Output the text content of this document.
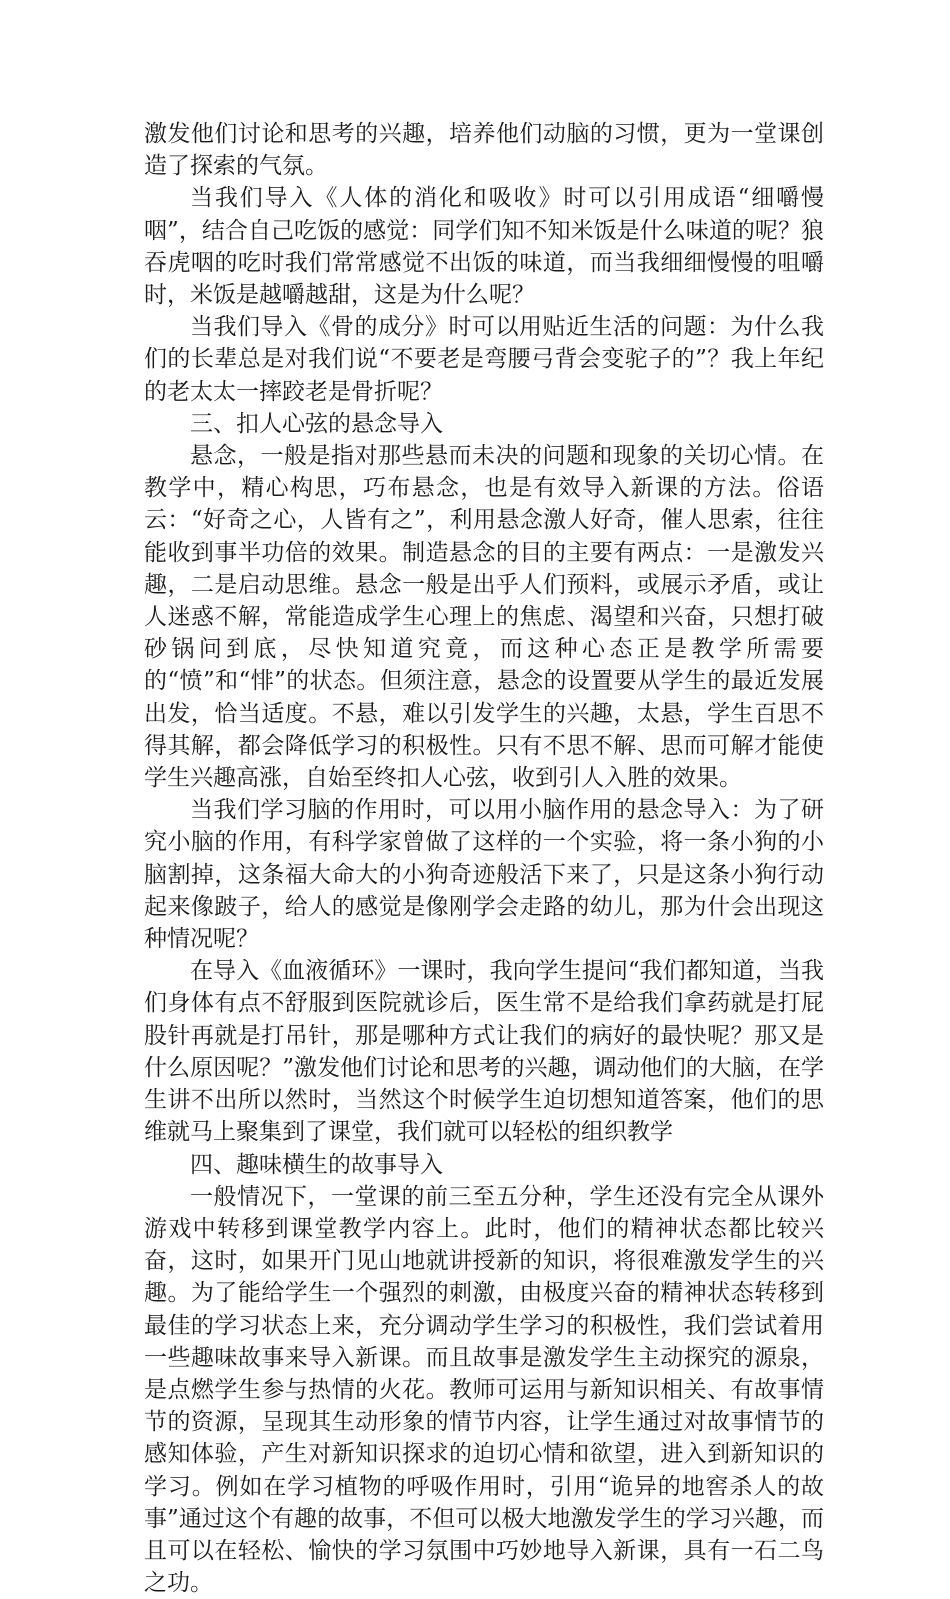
激发他们讨论和思考的兴趣，培养他们动脑的习惯，更为一堂课创造了探索的气氛。

当我们导入《人体的消化和吸收》时可以引用成语“细嚼慢咽”，结合自己吃饭的感觉：同学们知不知米饭是什么味道的呢？狼吞虎咽的吃时我们常常感觉不出饭的味道，而当我细细慢慢的咀嚼时，米饭是越嚼越甜，这是为什么呢？

当我们导入《骨的成分》时可以用贴近生活的问题：为什么我们的长辈总是对我们说“不要老是弯腰弓背会变驼子的”？我上年纪的老太太一摔跤老是骨折呢？

三、扣人心弦的悬念导入

悬念，一般是指对那些悬而未决的问题和现象的关切心情。在教学中，精心构思，巧布悬念，也是有效导入新课的方法。俗语云：“好奇之心，人皆有之”，利用悬念激人好奇，催人思索，往往能收到事半功倍的效果。制造悬念的目的主要有两点：一是激发兴趣，二是启动思维。悬念一般是出乎人们预料，或展示矛盾，或让人迷惑不解，常能造成学生心理上的焦虑、渴望和兴奋，只想打破砂锅问到底，尽快知道究竟，而这种心态正是教学所需要的“愤”和“悱”的状态。但须注意，悬念的设置要从学生的最近发展出发，恰当适度。不悬，难以引发学生的兴趣，太悬，学生百思不得其解，都会降低学习的积极性。只有不思不解、思而可解才能使学生兴趣高涨，自始至终扣人心弦，收到引人入胜的效果。

当我们学习脑的作用时，可以用小脑作用的悬念导入：为了研究小脑的作用，有科学家曾做了这样的一个实验，将一条小狗的小脑割掉，这条福大命大的小狗奇迹般活下来了，只是这条小狗行动起来像跛子，给人的感觉是像刚学会走路的幼儿，那为什会出现这种情况呢？

在导入《血液循环》一课时，我向学生提问“我们都知道，当我们身体有点不舒服到医院就诊后，医生常不是给我们拿药就是打屁股针再就是打吊针，那是哪种方式让我们的病好的最快呢？那又是什么原因呢？”激发他们讨论和思考的兴趣，调动他们的大脑，在学生讲不出所以然时，当然这个时候学生迫切想知道答案，他们的思维就马上聚集到了课堂，我们就可以轻松的组织教学

四、趣味横生的故事导入

一般情况下，一堂课的前三至五分种，学生还没有完全从课外游戏中转移到课堂教学内容上。此时，他们的精神状态都比较兴奋，这时，如果开门见山地就讲授新的知识，将很难激发学生的兴趣。为了能给学生一个强烈的刺激，由极度兴奋的精神状态转移到最佳的学习状态上来，充分调动学生学习的积极性，我们尝试着用一些趣味故事来导入新课。而且故事是激发学生主动探究的源泉，是点燃学生参与热情的火花。教师可运用与新知识相关、有故事情节的资源，呈现其生动形象的情节内容，让学生通过对故事情节的感知体验，产生对新知识探求的迫切心情和欲望，进入到新知识的学习。例如在学习植物的呼吸作用时，引用“诡异的地窖杀人的故事”通过这个有趣的故事，不但可以极大地激发学生的学习兴趣，而且可以在轻松、愉快的学习氛围中巧妙地导入新课，具有一石二鸟之功。
